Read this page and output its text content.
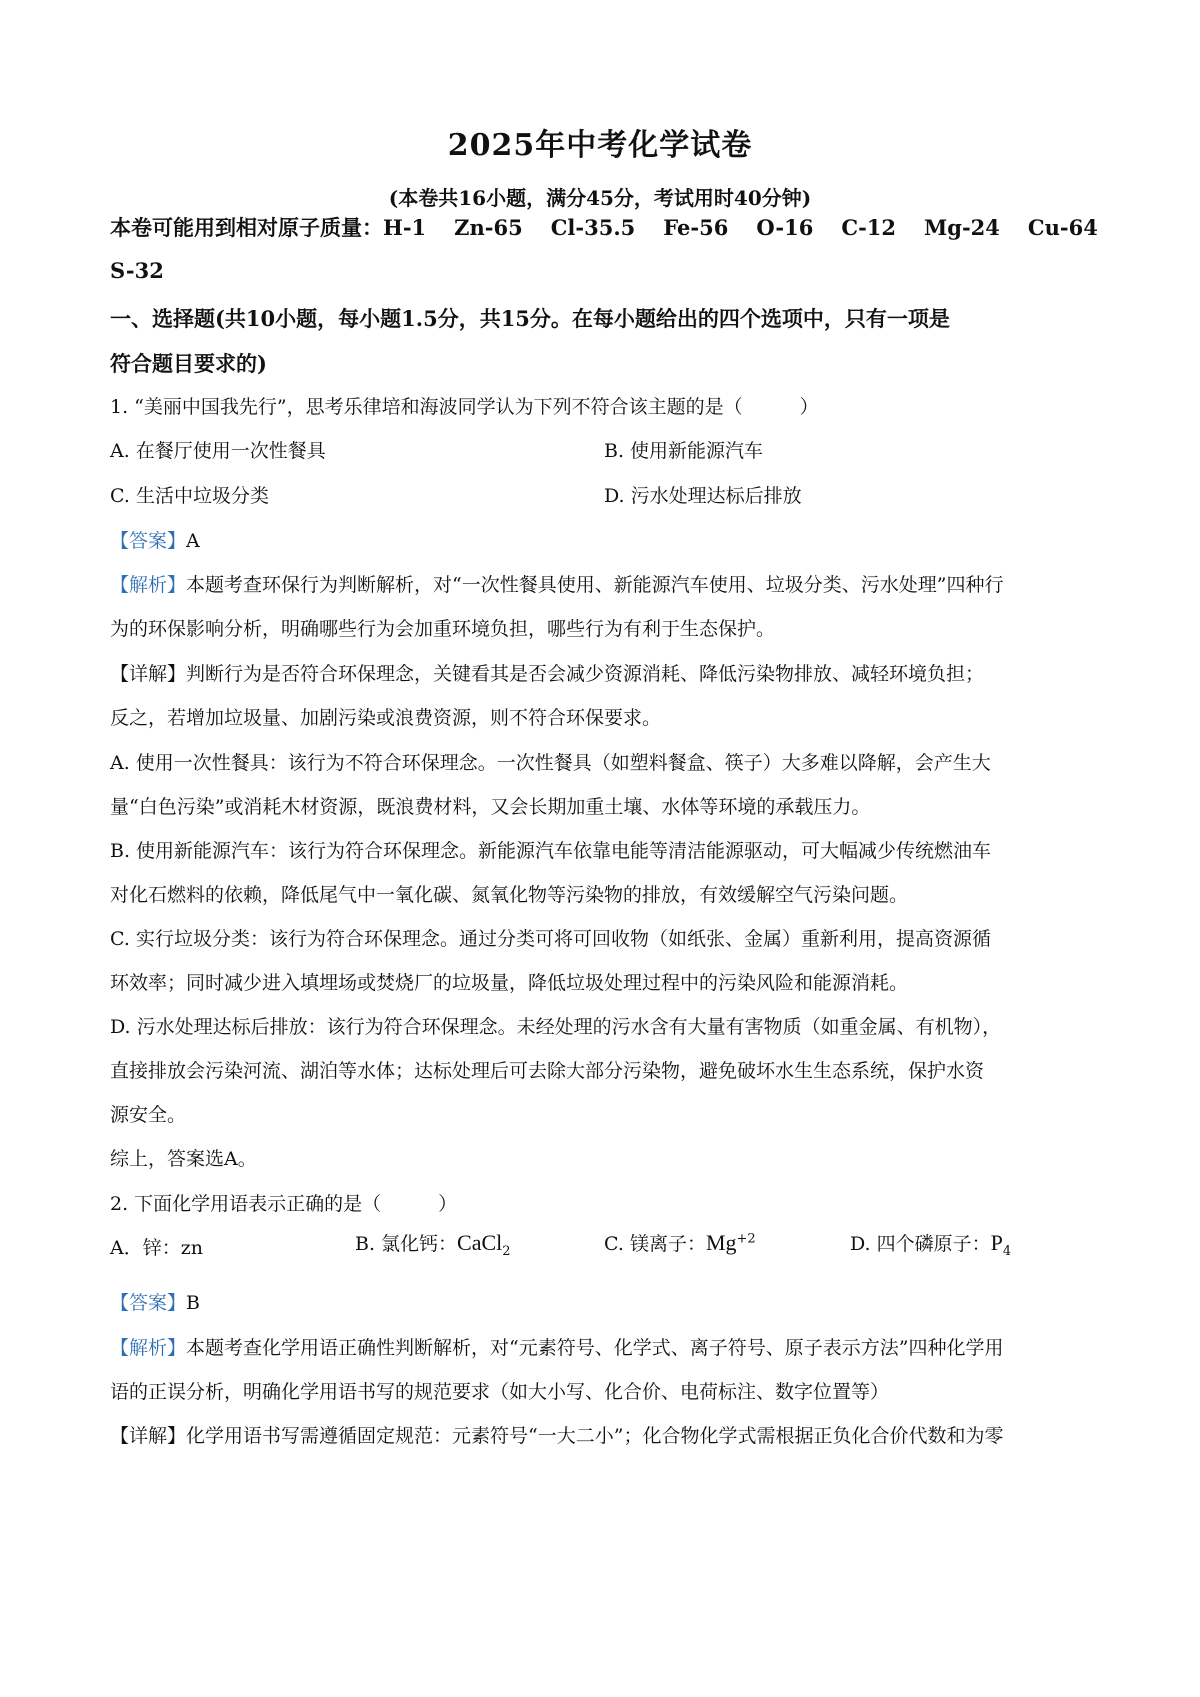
2025年中考化学试卷
(本卷共16小题，满分45分，考试用时40分钟)
本卷可能用到相对原子质量：H-1 Zn-65 Cl-35.5 Fe-56 O-16 C-12 Mg-24 Cu-64
S-32
一、选择题(共10小题，每小题1.5分，共15分。在每小题给出的四个选项中，只有一项是
符合题目要求的)
1. “美丽中国我先行”，思考乐律培和海波同学认为下列不符合该主题的是（　　　）
A. 在餐厅使用一次性餐具	B. 使用新能源汽车
C. 生活中垃圾分类	D. 污水处理达标后排放
【答案】A
【解析】本题考查环保行为判断解析，对“一次性餐具使用、新能源汽车使用、垃圾分类、污水处理”四种行
为的环保影响分析，明确哪些行为会加重环境负担，哪些行为有利于生态保护。
【详解】判断行为是否符合环保理念，关键看其是否会减少资源消耗、降低污染物排放、减轻环境负担；
反之，若增加垃圾量、加剧污染或浪费资源，则不符合环保要求。
A. 使用一次性餐具：该行为不符合环保理念。一次性餐具（如塑料餐盒、筷子）大多难以降解，会产生大
量“白色污染”或消耗木材资源，既浪费材料，又会长期加重土壤、水体等环境的承载压力。
B. 使用新能源汽车：该行为符合环保理念。新能源汽车依靠电能等清洁能源驱动，可大幅减少传统燃油车
对化石燃料的依赖，降低尾气中一氧化碳、氮氧化物等污染物的排放，有效缓解空气污染问题。
C. 实行垃圾分类：该行为符合环保理念。通过分类可将可回收物（如纸张、金属）重新利用，提高资源循
环效率；同时减少进入填埋场或焚烧厂的垃圾量，降低垃圾处理过程中的污染风险和能源消耗。
D. 污水处理达标后排放：该行为符合环保理念。未经处理的污水含有大量有害物质（如重金属、有机物），
直接排放会污染河流、湖泊等水体；达标处理后可去除大部分污染物，避免破坏水生生态系统，保护水资
源安全。
综上，答案选A。
2. 下面化学用语表示正确的是（　　　）
A．锌：zn	B. 氯化钙：CaCl$_2$	C. 镁离子：$Mg^{+2}$	D. 四个磷原子：$P_4$
【答案】B
【解析】本题考查化学用语正确性判断解析，对“元素符号、化学式、离子符号、原子表示方法”四种化学用
语的正误分析，明确化学用语书写的规范要求（如大小写、化合价、电荷标注、数字位置等）
【详解】化学用语书写需遵循固定规范：元素符号“一大二小”；化合物化学式需根据正负化合价代数和为零
